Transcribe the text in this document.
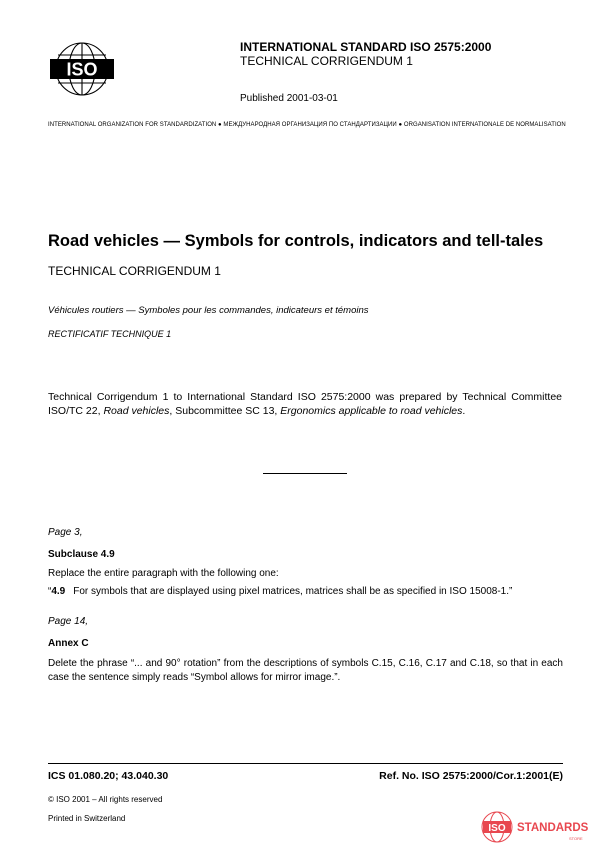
ISO
INTERNATIONAL STANDARD ISO 2575:2000
TECHNICAL CORRIGENDUM 1
Published 2001-03-01
INTERNATIONAL ORGANIZATION FOR STANDARDIZATION ● МЕЖДУНАРОДНАЯ ОРГАНИЗАЦИЯ ПО СТАНДАРТИЗАЦИИ ● ORGANISATION INTERNATIONALE DE NORMALISATION
Road vehicles — Symbols for controls, indicators and tell-tales
TECHNICAL CORRIGENDUM 1
Véhicules routiers — Symboles pour les commandes, indicateurs et témoins
RECTIFICATIF TECHNIQUE 1
Technical Corrigendum 1 to International Standard ISO 2575:2000 was prepared by Technical Committee ISO/TC 22, Road vehicles, Subcommittee SC 13, Ergonomics applicable to road vehicles.
Page 3,
Subclause 4.9
Replace the entire paragraph with the following one:
“4.9 For symbols that are displayed using pixel matrices, matrices shall be as specified in ISO 15008-1.”
Page 14,
Annex C
Delete the phrase “... and 90° rotation” from the descriptions of symbols C.15, C.16, C.17 and C.18, so that in each case the sentence simply reads “Symbol allows for mirror image.”.
ICS 01.080.20; 43.040.30	Ref. No. ISO 2575:2000/Cor.1:2001(E)
© ISO 2001 – All rights reserved
Printed in Switzerland
ISO STANDARDS
STORE
